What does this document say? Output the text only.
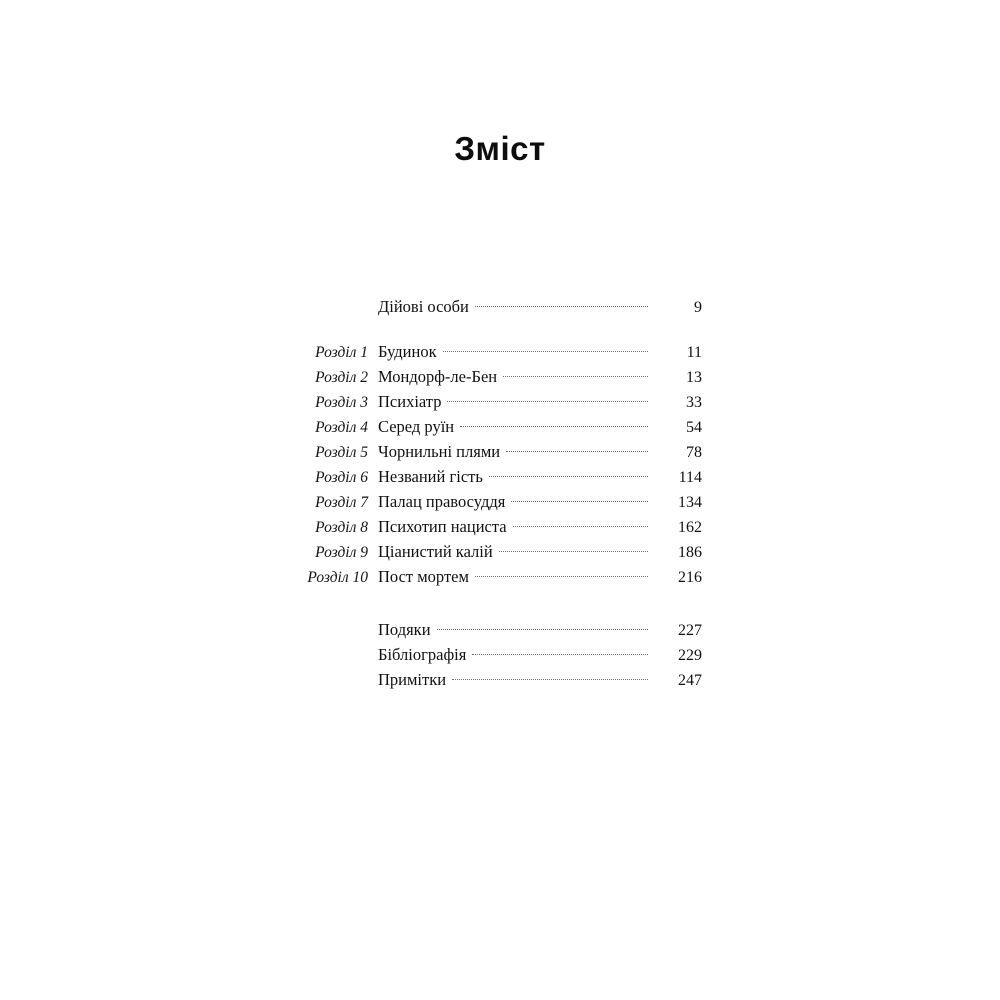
Зміст
Дійові особи	9
Розділ 1 Будинок	11
Розділ 2 Мондорф-ле-Бен	13
Розділ 3 Психіатр	33
Розділ 4 Серед руїн	54
Розділ 5 Чорнильні плями	78
Розділ 6 Незваний гість	114
Розділ 7 Палац правосуддя	134
Розділ 8 Психотип нациста	162
Розділ 9 Ціанистий калій	186
Розділ 10 Пост мортем	216
Подяки	227
Бібліографія	229
Примітки	247
